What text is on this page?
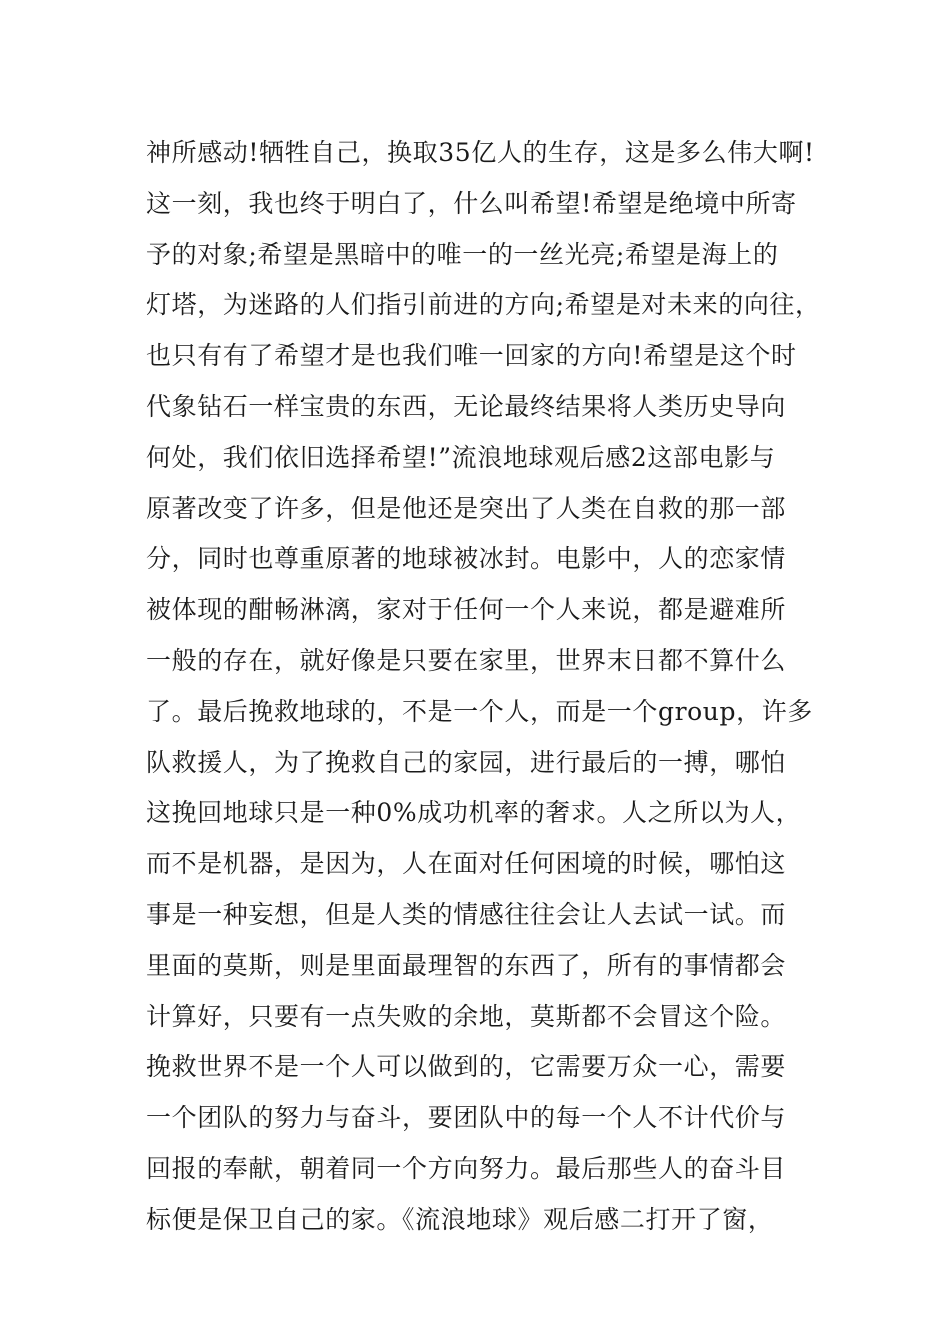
神所感动!牺牲自己，换取35亿人的生存，这是多么伟大啊!
这一刻，我也终于明白了，什么叫希望!希望是绝境中所寄
予的对象;希望是黑暗中的唯一的一丝光亮;希望是海上的
灯塔，为迷路的人们指引前进的方向;希望是对未来的向往，
也只有有了希望才是也我们唯一回家的方向!希望是这个时
代象钻石一样宝贵的东西，无论最终结果将人类历史导向
何处，我们依旧选择希望!”流浪地球观后感2这部电影与
原著改变了许多，但是他还是突出了人类在自救的那一部
分，同时也尊重原著的地球被冰封。电影中，人的恋家情
被体现的酣畅淋漓，家对于任何一个人来说，都是避难所
一般的存在，就好像是只要在家里，世界末日都不算什么
了。最后挽救地球的，不是一个人，而是一个group，许多
队救援人，为了挽救自己的家园，进行最后的一搏，哪怕
这挽回地球只是一种0%成功机率的奢求。人之所以为人，
而不是机器，是因为，人在面对任何困境的时候，哪怕这
事是一种妄想，但是人类的情感往往会让人去试一试。而
里面的莫斯，则是里面最理智的东西了，所有的事情都会
计算好，只要有一点失败的余地，莫斯都不会冒这个险。
挽救世界不是一个人可以做到的，它需要万众一心，需要
一个团队的努力与奋斗，要团队中的每一个人不计代价与
回报的奉献，朝着同一个方向努力。最后那些人的奋斗目
标便是保卫自己的家。《流浪地球》观后感二打开了窗，
